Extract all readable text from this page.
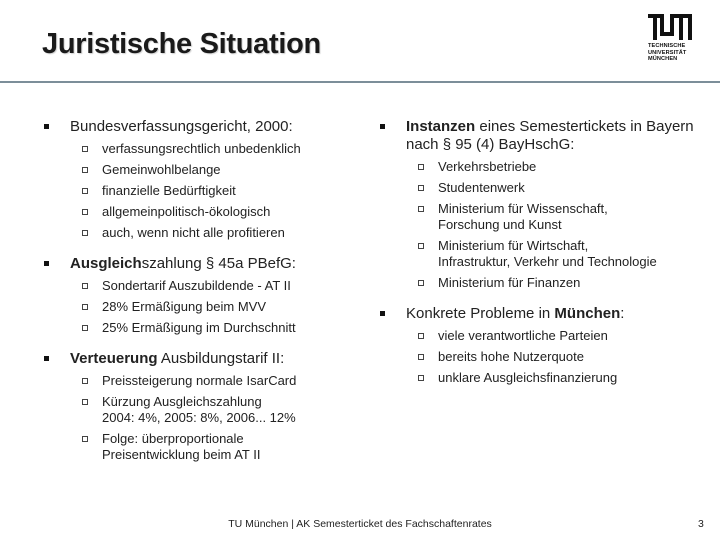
Juristische Situation	TECHNISCHE
UNIVERSITÄT
MÜNCHEN
Bundesverfassungsgericht, 2000:
verfassungsrechtlich unbedenklich
Gemeinwohlbelange
finanzielle Bedürftigkeit
allgemeinpolitisch-ökologisch
auch, wenn nicht alle profitieren
Ausgleichszahlung § 45a PBefG:
Sondertarif Auszubildende - AT II
28% Ermäßigung beim MVV
25% Ermäßigung im Durchschnitt
Verteuerung Ausbildungstarif II:
Preissteigerung normale IsarCard
Kürzung Ausgleichszahlung
2004: 4%, 2005: 8%, 2006... 12%
Folge: überproportionale
Preisentwicklung beim AT II
Instanzen eines Semestertickets in Bayern nach § 95 (4) BayHschG:
Verkehrsbetriebe
Studentenwerk
Ministerium für Wissenschaft,
Forschung und Kunst
Ministerium für Wirtschaft,
Infrastruktur, Verkehr und Technologie
Ministerium für Finanzen
Konkrete Probleme in München:
viele verantwortliche Parteien
bereits hohe Nutzerquote
unklare Ausgleichsfinanzierung
TU München | AK Semesterticket des Fachschaftenrates	3
